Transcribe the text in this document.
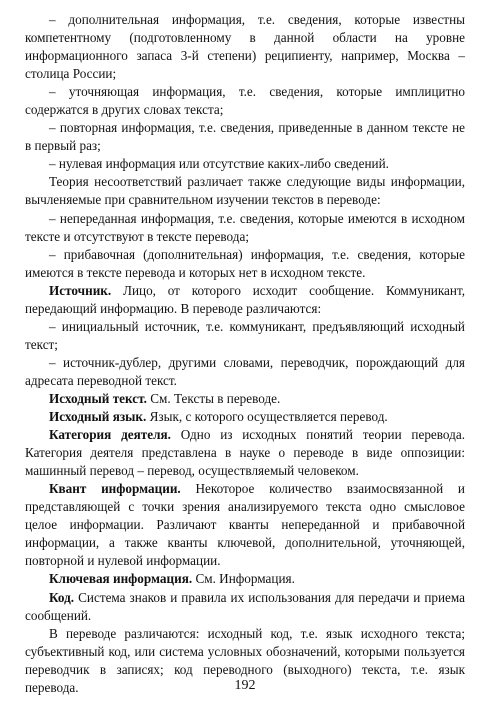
– дополнительная информация, т.е. сведения, которые известны компетентному (подготовленному в данной области на уровне информационного запаса 3-й степени) реципиенту, например, Москва – столица России;

– уточняющая информация, т.е. сведения, которые имплицитно содержатся в других словах текста;

– повторная информация, т.е. сведения, приведенные в данном тексте не в первый раз;

– нулевая информация или отсутствие каких-либо сведений.

Теория несоответствий различает также следующие виды информации, вычленяемые при сравнительном изучении текстов в переводе:

– непереданная информация, т.е. сведения, которые имеются в исходном тексте и отсутствуют в тексте перевода;

– прибавочная (дополнительная) информация, т.е. сведения, которые имеются в тексте перевода и которых нет в исходном тексте.

Источник. Лицо, от которого исходит сообщение. Коммуникант, передающий информацию. В переводе различаются:

– инициальный источник, т.е. коммуникант, предъявляющий исходный текст;

– источник-дублер, другими словами, переводчик, порождающий для адресата переводной текст.

Исходный текст. См. Тексты в переводе.

Исходный язык. Язык, с которого осуществляется перевод.

Категория деятеля. Одно из исходных понятий теории перевода. Категория деятеля представлена в науке о переводе в виде оппозиции: машинный перевод – перевод, осуществляемый человеком.

Квант информации. Некоторое количество взаимосвязанной и представляющей с точки зрения анализируемого текста одно смысловое целое информации. Различают кванты непереданной и прибавочной информации, а также кванты ключевой, дополнительной, уточняющей, повторной и нулевой информации.

Ключевая информация. См. Информация.

Код. Система знаков и правила их использования для передачи и приема сообщений.

В переводе различаются: исходный код, т.е. язык исходного текста; субъективный код, или система условных обозначений, которыми пользуется переводчик в записях; код переводного (выходного) текста, т.е. язык перевода.	192
